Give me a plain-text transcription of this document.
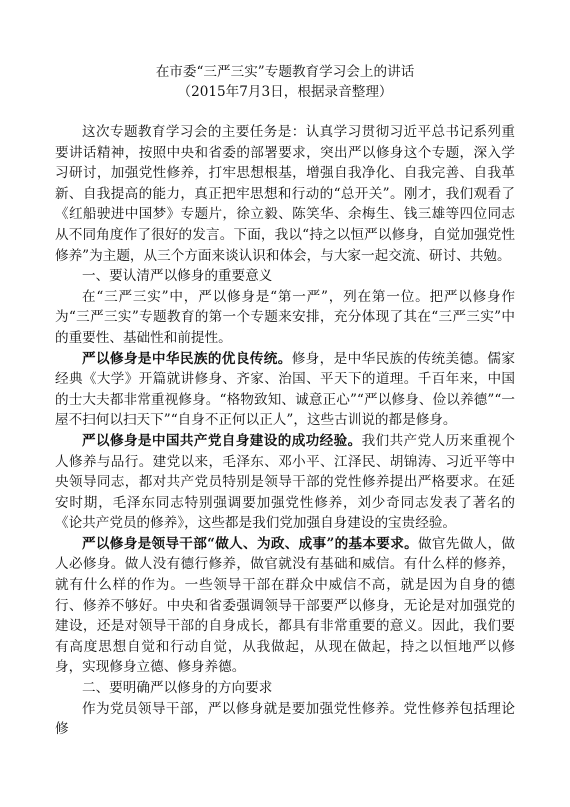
在市委“三严三实”专题教育学习会上的讲话
（2015年7月3日，根据录音整理）

这次专题教育学习会的主要任务是：认真学习贯彻习近平总书记系列重要讲话精神，按照中央和省委的部署要求，突出严以修身这个专题，深入学习研讨，加强党性修养，打牢思想根基，增强自我净化、自我完善、自我革新、自我提高的能力，真正把牢思想和行动的“总开关”。刚才，我们观看了《红船驶进中国梦》专题片，徐立毅、陈笑华、余梅生、钱三雄等四位同志从不同角度作了很好的发言。下面，我以“持之以恒严以修身，自觉加强党性修养”为主题，从三个方面来谈认识和体会，与大家一起交流、研讨、共勉。

一、要认清严以修身的重要意义

在“三严三实”中，严以修身是“第一严”，列在第一位。把严以修身作为“三严三实”专题教育的第一个专题来安排，充分体现了其在“三严三实”中的重要性、基础性和前提性。

严以修身是中华民族的优良传统。修身，是中华民族的传统美德。儒家经典《大学》开篇就讲修身、齐家、治国、平天下的道理。千百年来，中国的士大夫都非常重视修身。“格物致知、诚意正心”“严以修身、俭以养德”“一屋不扫何以扫天下”“自身不正何以正人”，这些古训说的都是修身。

严以修身是中国共产党自身建设的成功经验。我们共产党人历来重视个人修养与品行。建党以来，毛泽东、邓小平、江泽民、胡锦涛、习近平等中央领导同志，都对共产党员特别是领导干部的党性修养提出严格要求。在延安时期，毛泽东同志特别强调要加强党性修养，刘少奇同志发表了著名的《论共产党员的修养》，这些都是我们党加强自身建设的宝贵经验。

严以修身是领导干部“做人、为政、成事”的基本要求。做官先做人，做人必修身。做人没有德行修养，做官就没有基础和威信。有什么样的修养，就有什么样的作为。一些领导干部在群众中威信不高，就是因为自身的德行、修养不够好。中央和省委强调领导干部要严以修身，无论是对加强党的建设，还是对领导干部的自身成长，都具有非常重要的意义。因此，我们要有高度思想自觉和行动自觉，从我做起，从现在做起，持之以恒地严以修身，实现修身立德、修身养德。

二、要明确严以修身的方向要求

作为党员领导干部，严以修身就是要加强党性修养。党性修养包括理论修
